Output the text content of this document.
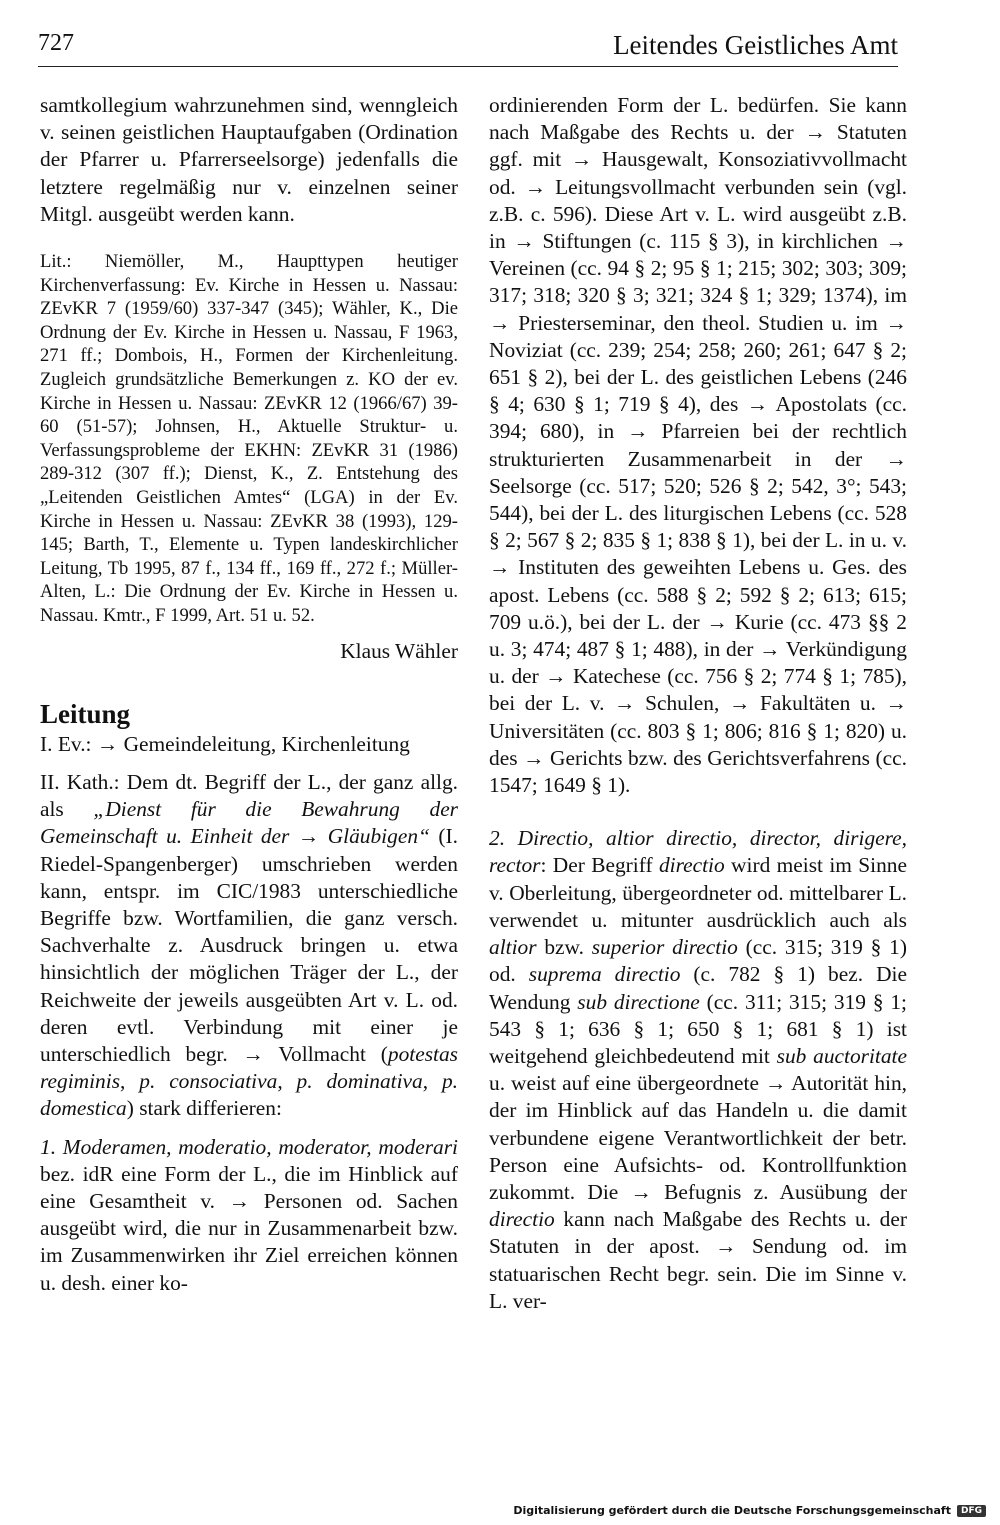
727	Leitendes Geistliches Amt

samtkollegium wahrzunehmen sind, wenngleich v. seinen geistlichen Hauptaufgaben (Ordination der Pfarrer u. Pfarrerseelsorge) jedenfalls die letztere regelmäßig nur v. einzelnen seiner Mitgl. ausgeübt werden kann.

Lit.: Niemöller, M., Haupttypen heutiger Kirchenverfassung: Ev. Kirche in Hessen u. Nassau: ZEvKR 7 (1959/60) 337-347 (345); Wähler, K., Die Ordnung der Ev. Kirche in Hessen u. Nassau, F 1963, 271 ff.; Dombois, H., Formen der Kirchenleitung. Zugleich grundsätzliche Bemerkungen z. KO der ev. Kirche in Hessen u. Nassau: ZEvKR 12 (1966/67) 39-60 (51-57); Johnsen, H., Aktuelle Struktur- u. Verfassungsprobleme der EKHN: ZEvKR 31 (1986) 289-312 (307 ff.); Dienst, K., Z. Entstehung des „Leitenden Geistlichen Amtes“ (LGA) in der Ev. Kirche in Hessen u. Nassau: ZEvKR 38 (1993), 129-145; Barth, T., Elemente u. Typen landeskirchlicher Leitung, Tb 1995, 87 f., 134 ff., 169 ff., 272 f.; Müller-Alten, L.: Die Ordnung der Ev. Kirche in Hessen u. Nassau. Kmtr., F 1999, Art. 51 u. 52.

Klaus Wähler

Leitung

I. Ev.: → Gemeindeleitung, Kirchenleitung

II. Kath.: Dem dt. Begriff der L., der ganz allg. als „Dienst für die Bewahrung der Gemeinschaft u. Einheit der → Gläubigen“ (I. Riedel-Spangenberger) umschrieben werden kann, entspr. im CIC/1983 unterschiedliche Begriffe bzw. Wortfamilien, die ganz versch. Sachverhalte z. Ausdruck bringen u. etwa hinsichtlich der möglichen Träger der L., der Reichweite der jeweils ausgeübten Art v. L. od. deren evtl. Verbindung mit einer je unterschiedlich begr. → Vollmacht (potestas regiminis, p. consociativa, p. dominativa, p. domestica) stark differieren:

1. Moderamen, moderatio, moderator, moderari bez. idR eine Form der L., die im Hinblick auf eine Gesamtheit v. → Personen od. Sachen ausgeübt wird, die nur in Zusammenarbeit bzw. im Zusammenwirken ihr Ziel erreichen können u. desh. einer ko-

ordinierenden Form der L. bedürfen. Sie kann nach Maßgabe des Rechts u. der → Statuten ggf. mit → Hausgewalt, Konsoziativvollmacht od. → Leitungsvollmacht verbunden sein (vgl. z.B. c. 596). Diese Art v. L. wird ausgeübt z.B. in → Stiftungen (c. 115 § 3), in kirchlichen → Vereinen (cc. 94 § 2; 95 § 1; 215; 302; 303; 309; 317; 318; 320 § 3; 321; 324 § 1; 329; 1374), im → Priesterseminar, den theol. Studien u. im → Noviziat (cc. 239; 254; 258; 260; 261; 647 § 2; 651 § 2), bei der L. des geistlichen Lebens (246 § 4; 630 § 1; 719 § 4), des → Apostolats (cc. 394; 680), in → Pfarreien bei der rechtlich strukturierten Zusammenarbeit in der → Seelsorge (cc. 517; 520; 526 § 2; 542, 3°; 543; 544), bei der L. des liturgischen Lebens (cc. 528 § 2; 567 § 2; 835 § 1; 838 § 1), bei der L. in u. v. → Instituten des geweihten Lebens u. Ges. des apost. Lebens (cc. 588 § 2; 592 § 2; 613; 615; 709 u.ö.), bei der L. der → Kurie (cc. 473 §§ 2 u. 3; 474; 487 § 1; 488), in der → Verkündigung u. der → Katechese (cc. 756 § 2; 774 § 1; 785), bei der L. v. → Schulen, → Fakultäten u. → Universitäten (cc. 803 § 1; 806; 816 § 1; 820) u. des → Gerichts bzw. des Gerichtsverfahrens (cc. 1547; 1649 § 1).

2. Directio, altior directio, director, dirigere, rector: Der Begriff directio wird meist im Sinne v. Oberleitung, übergeordneter od. mittelbarer L. verwendet u. mitunter ausdrücklich auch als altior bzw. superior directio (cc. 315; 319 § 1) od. suprema directio (c. 782 § 1) bez. Die Wendung sub directione (cc. 311; 315; 319 § 1; 543 § 1; 636 § 1; 650 § 1; 681 § 1) ist weitgehend gleichbedeutend mit sub auctoritate u. weist auf eine übergeordnete → Autorität hin, der im Hinblick auf das Handeln u. die damit verbundene eigene Verantwortlichkeit der betr. Person eine Aufsichts- od. Kontrollfunktion zukommt. Die → Befugnis z. Ausübung der directio kann nach Maßgabe des Rechts u. der Statuten in der apost. → Sendung od. im statuarischen Recht begr. sein. Die im Sinne v. L. ver-

Digitalisierung gefördert durch die Deutsche Forschungsgemeinschaft	DFG
